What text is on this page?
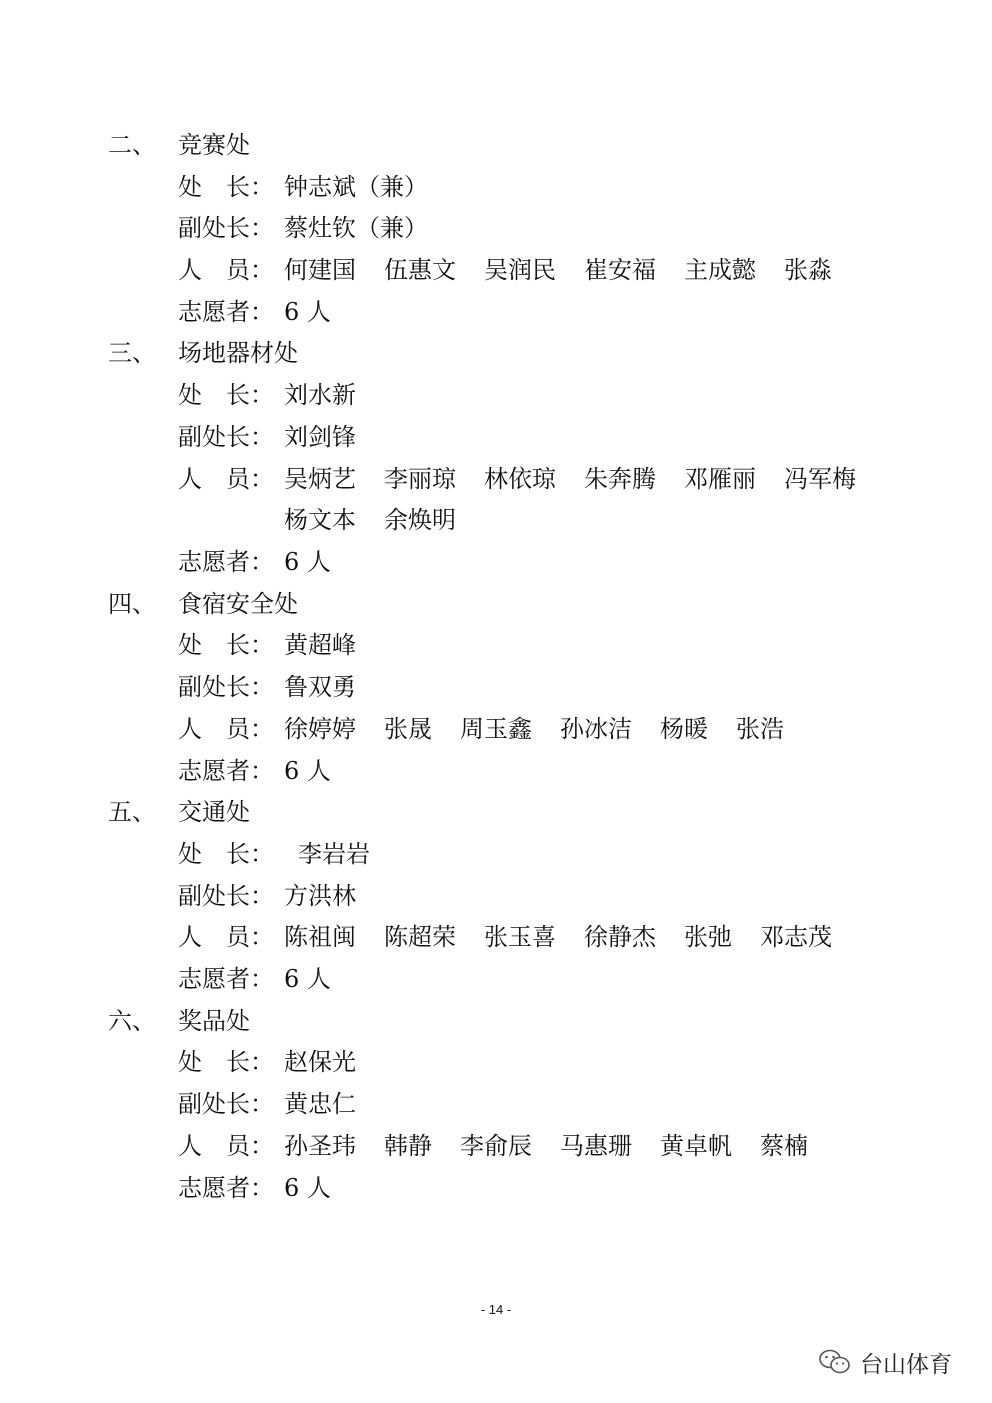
二、 竞赛处
处　长： 钟志斌（兼）
副处长： 蔡灶钦（兼）
人　员： 何建国 伍惠文 吴润民 崔安福 主成懿 张淼
志愿者： 6 人
三、 场地器材处
处　长： 刘水新
副处长： 刘剑锋
人　员： 吴炳艺 李丽琼 林依琼 朱奔腾 邓雁丽 冯军梅
杨文本 余焕明
志愿者： 6 人
四、 食宿安全处
处　长： 黄超峰
副处长： 鲁双勇
人　员： 徐婷婷 张晟 周玉鑫 孙冰洁 杨暖 张浩
志愿者： 6 人
五、 交通处
处　长： 李岩岩
副处长： 方洪林
人　员： 陈祖闽 陈超荣 张玉喜 徐静杰 张弛 邓志茂
志愿者： 6 人
六、 奖品处
处　长： 赵保光
副处长： 黄忠仁
人　员： 孙圣玮 韩静 李俞辰 马惠珊 黄卓帆 蔡楠
志愿者： 6 人
- 14 -
台山体育
